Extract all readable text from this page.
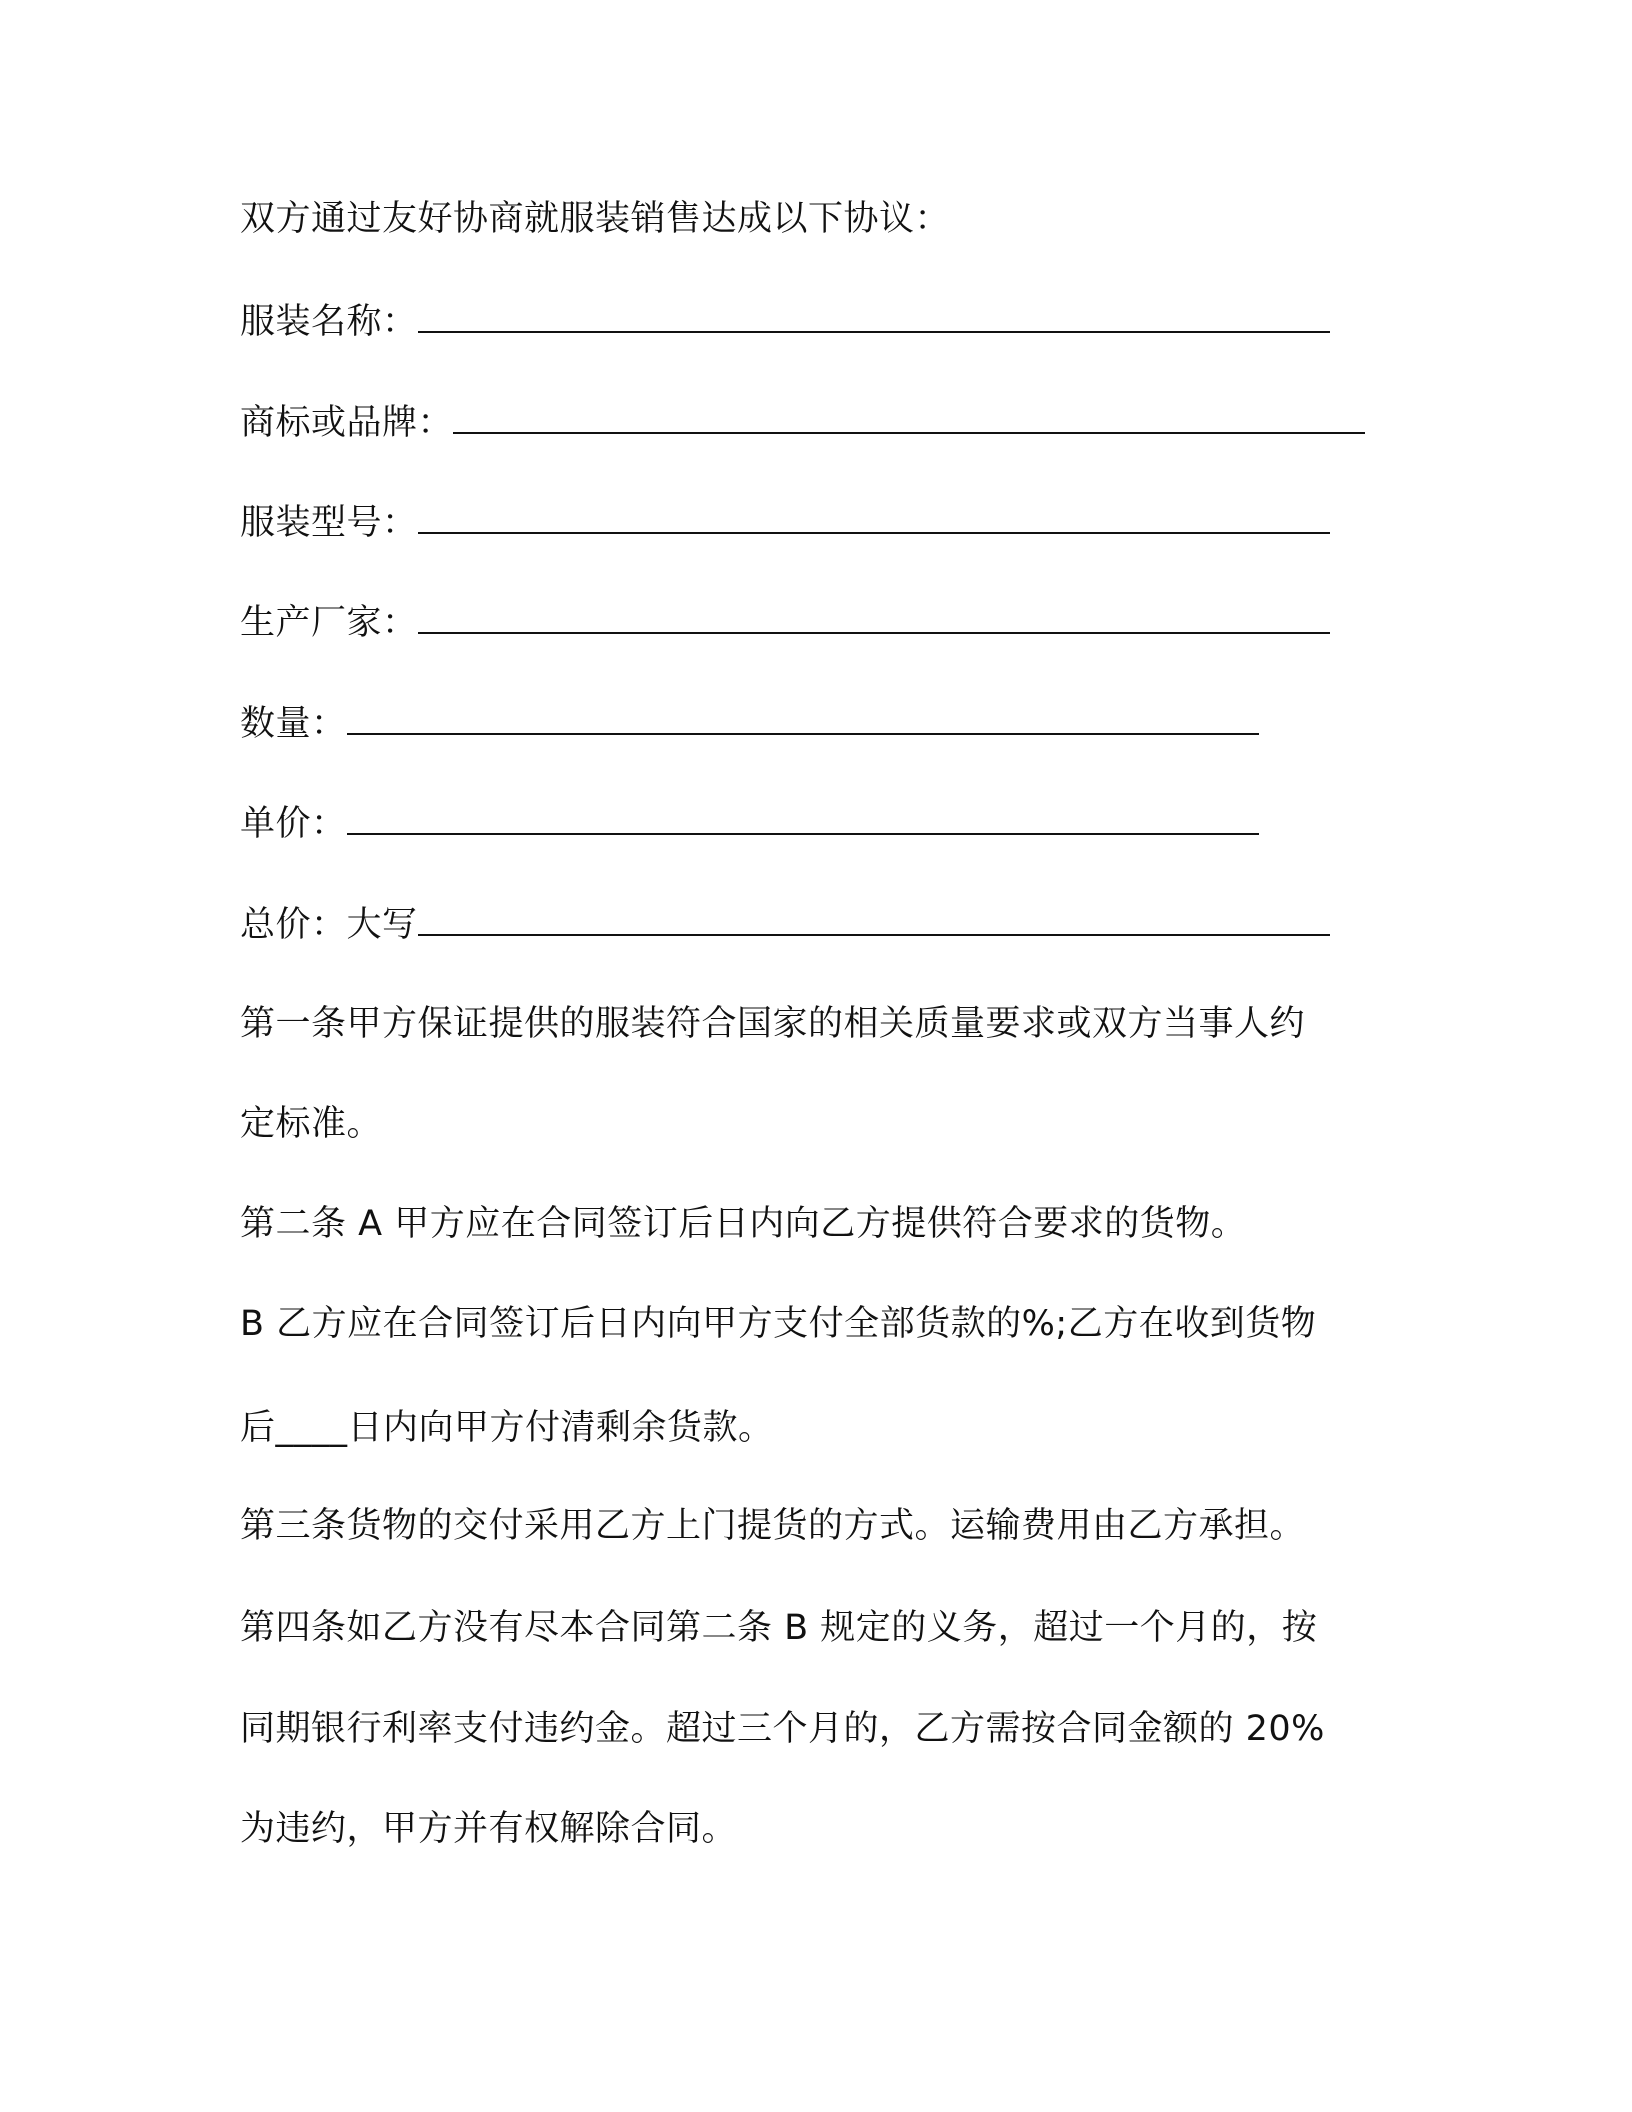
双方通过友好协商就服装销售达成以下协议：
服装名称：
商标或品牌：
服装型号：
生产厂家：
数量：
单价：
总价：大写
第一条甲方保证提供的服装符合国家的相关质量要求或双方当事人约
定标准。
第二条 A 甲方应在合同签订后日内向乙方提供符合要求的货物。
B 乙方应在合同签订后日内向甲方支付全部货款的%;乙方在收到货物
后____日内向甲方付清剩余货款。
第三条货物的交付采用乙方上门提货的方式。运输费用由乙方承担。
第四条如乙方没有尽本合同第二条 B 规定的义务，超过一个月的，按
同期银行利率支付违约金。超过三个月的，乙方需按合同金额的 20%
为违约，甲方并有权解除合同。
